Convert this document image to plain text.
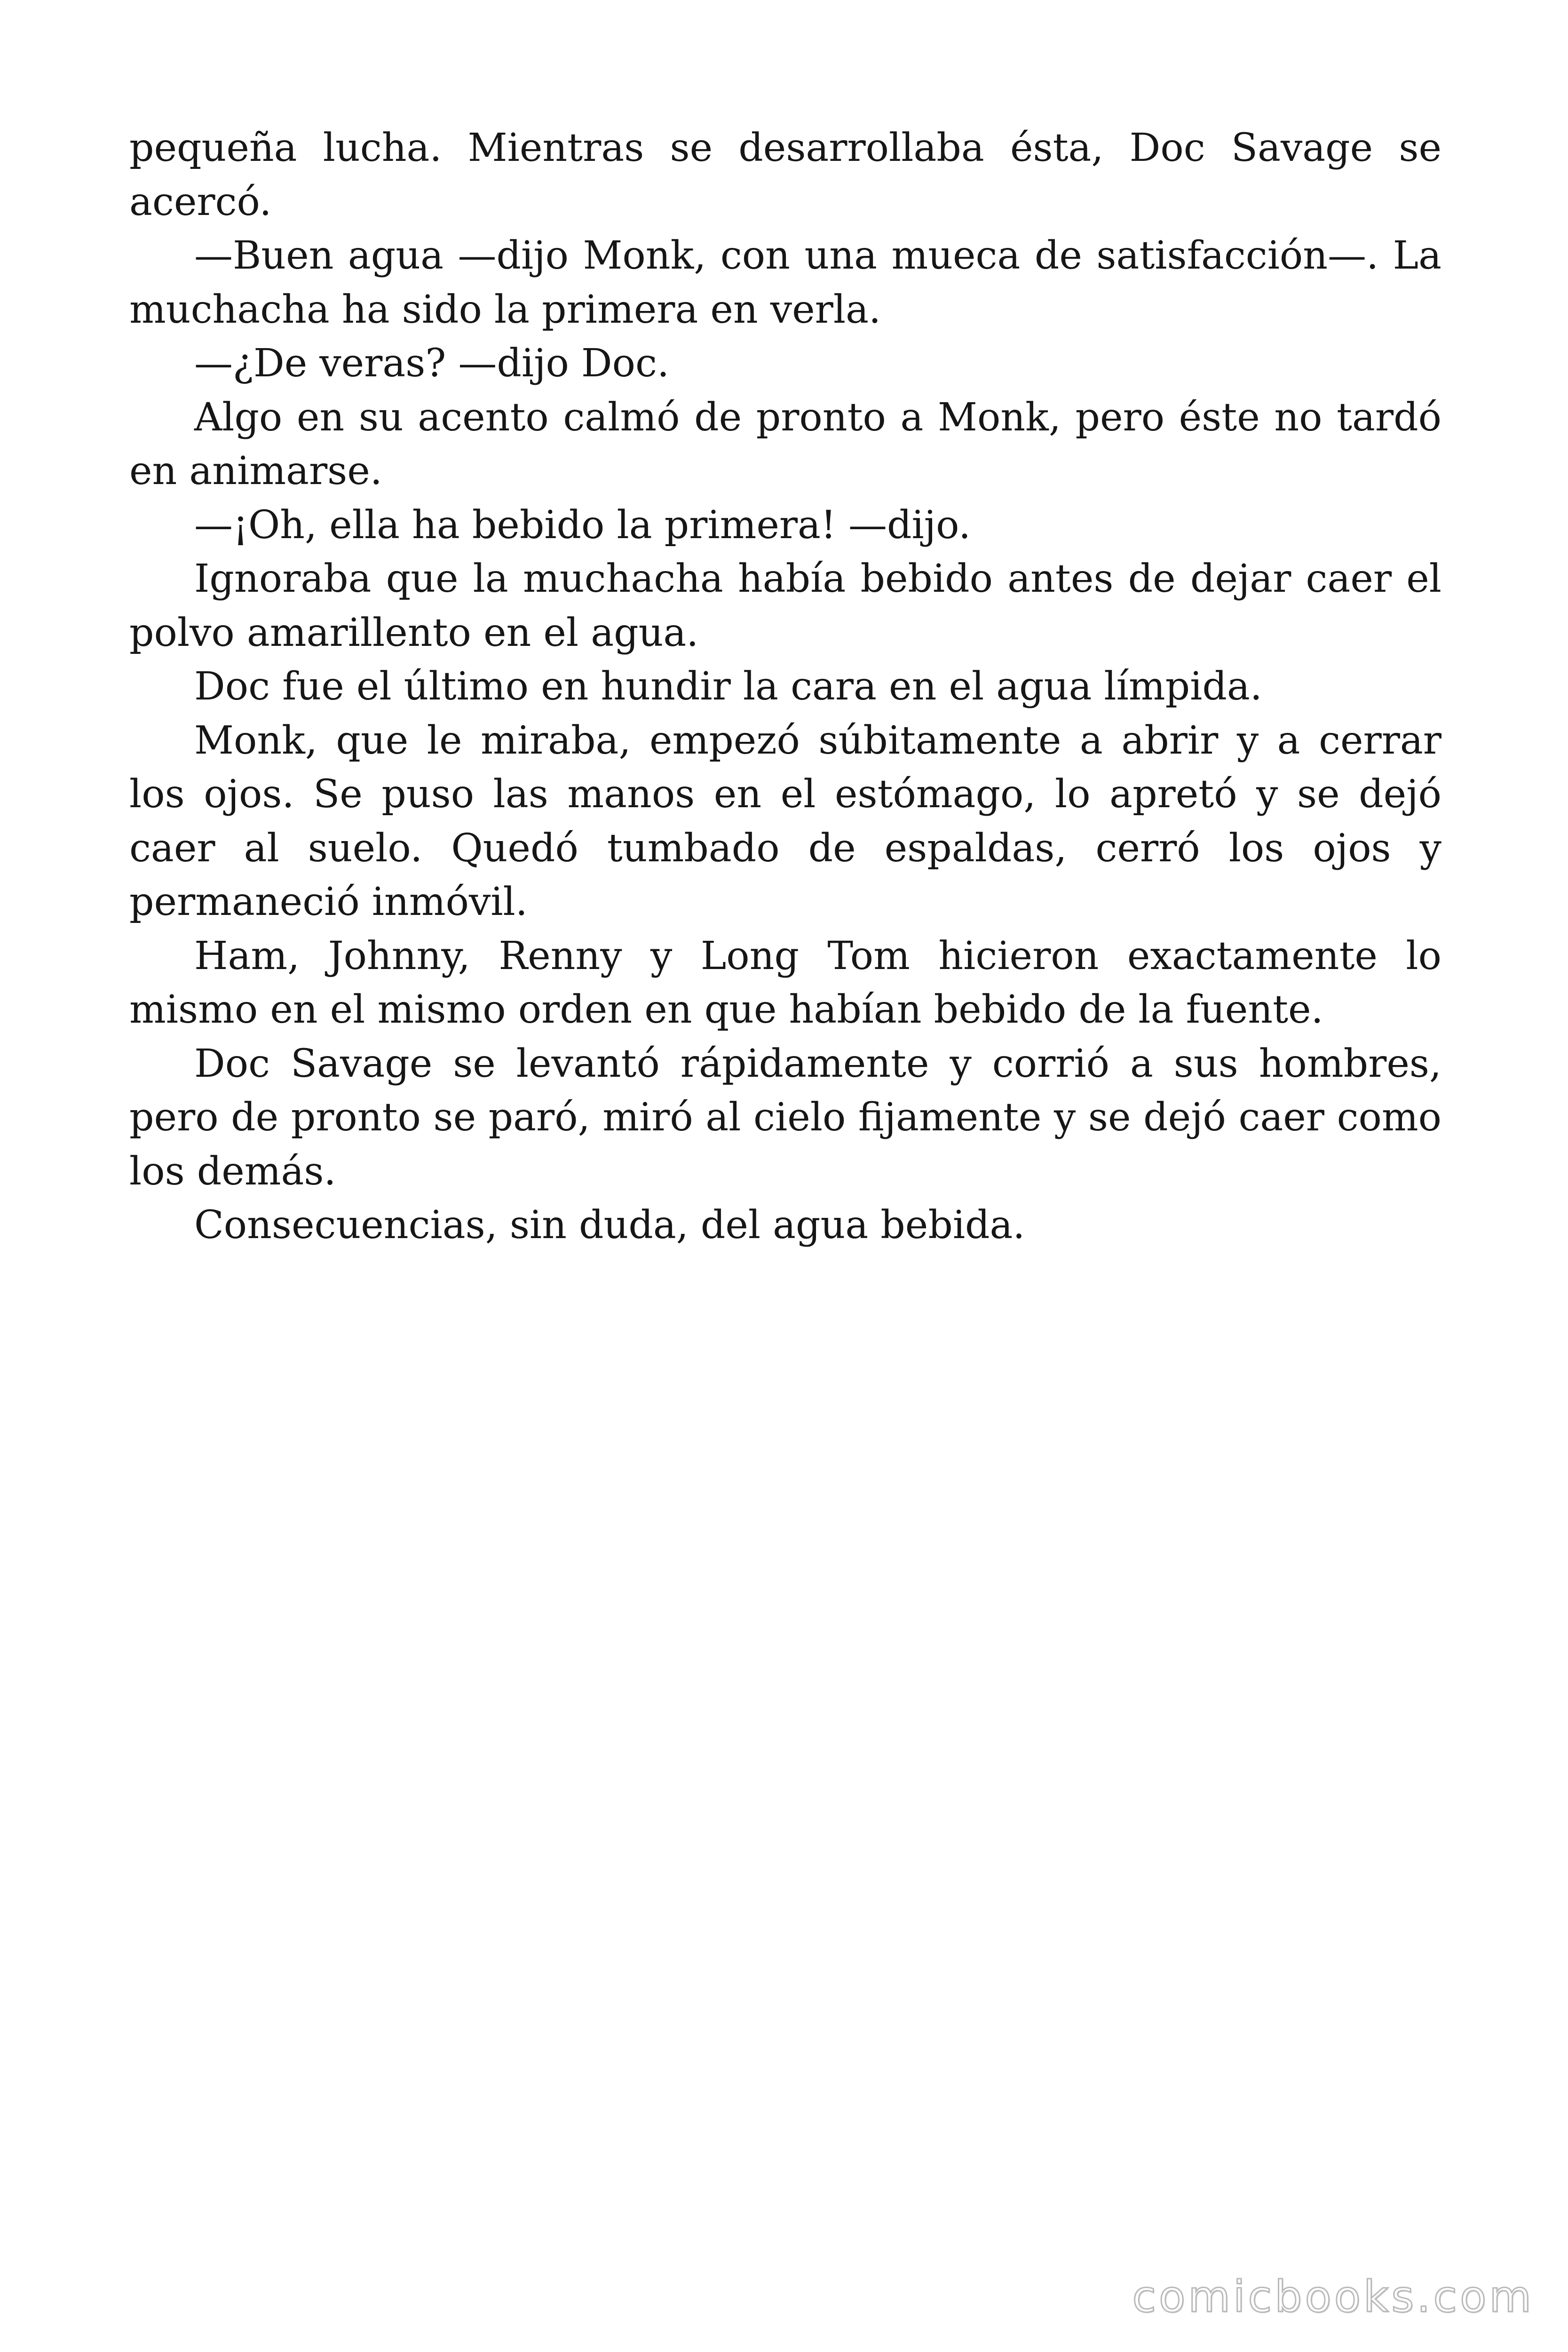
pequeña lucha. Mientras se desarrollaba ésta, Doc Savage se acercó.

—Buen agua —dijo Monk, con una mueca de satisfacción—. La muchacha ha sido la primera en verla.

—¿De veras? —dijo Doc.

Algo en su acento calmó de pronto a Monk, pero éste no tardó en animarse.

—¡Oh, ella ha bebido la primera! —dijo.

Ignoraba que la muchacha había bebido antes de dejar caer el polvo amarillento en el agua.

Doc fue el último en hundir la cara en el agua límpida.

Monk, que le miraba, empezó súbitamente a abrir y a cerrar los ojos. Se puso las manos en el estómago, lo apretó y se dejó caer al suelo. Quedó tumbado de espaldas, cerró los ojos y permaneció inmóvil.

Ham, Johnny, Renny y Long Tom hicieron exactamente lo mismo en el mismo orden en que habían bebido de la fuente.

Doc Savage se levantó rápidamente y corrió a sus hombres, pero de pronto se paró, miró al cielo fijamente y se dejó caer como los demás.

Consecuencias, sin duda, del agua bebida.

comicbooks.com
